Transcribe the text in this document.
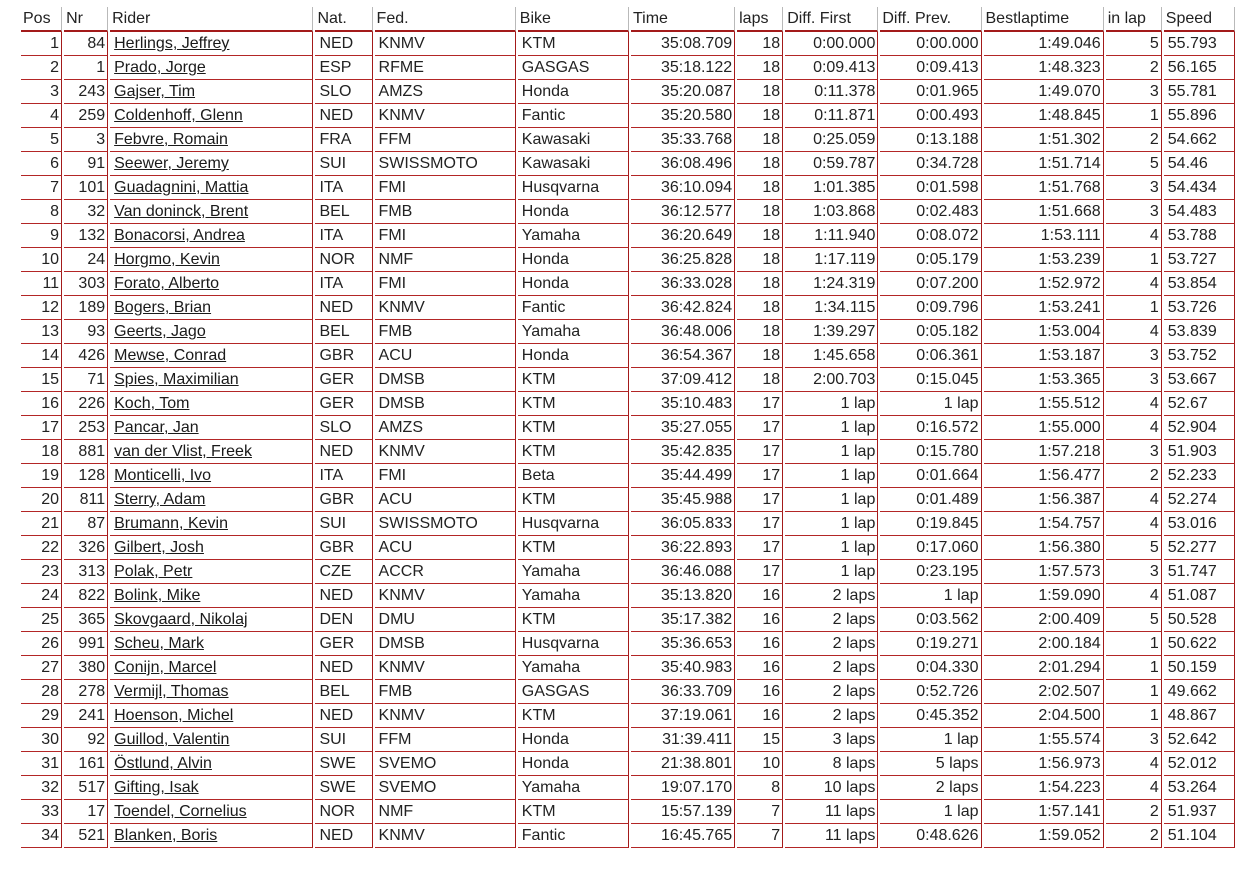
Pos	Nr	Rider	Nat.	Fed.	Bike	Time	laps	Diff. First	Diff. Prev.	Bestlaptime	in lap	Speed
1	84	Herlings, Jeffrey	NED	KNMV	KTM	35:08.709	18	0:00.000	0:00.000	1:49.046	5	55.793
2	1	Prado, Jorge	ESP	RFME	GASGAS	35:18.122	18	0:09.413	0:09.413	1:48.323	2	56.165
3	243	Gajser, Tim	SLO	AMZS	Honda	35:20.087	18	0:11.378	0:01.965	1:49.070	3	55.781
4	259	Coldenhoff, Glenn	NED	KNMV	Fantic	35:20.580	18	0:11.871	0:00.493	1:48.845	1	55.896
5	3	Febvre, Romain	FRA	FFM	Kawasaki	35:33.768	18	0:25.059	0:13.188	1:51.302	2	54.662
6	91	Seewer, Jeremy	SUI	SWISSMOTO	Kawasaki	36:08.496	18	0:59.787	0:34.728	1:51.714	5	54.46
7	101	Guadagnini, Mattia	ITA	FMI	Husqvarna	36:10.094	18	1:01.385	0:01.598	1:51.768	3	54.434
8	32	Van doninck, Brent	BEL	FMB	Honda	36:12.577	18	1:03.868	0:02.483	1:51.668	3	54.483
9	132	Bonacorsi, Andrea	ITA	FMI	Yamaha	36:20.649	18	1:11.940	0:08.072	1:53.111	4	53.788
10	24	Horgmo, Kevin	NOR	NMF	Honda	36:25.828	18	1:17.119	0:05.179	1:53.239	1	53.727
11	303	Forato, Alberto	ITA	FMI	Honda	36:33.028	18	1:24.319	0:07.200	1:52.972	4	53.854
12	189	Bogers, Brian	NED	KNMV	Fantic	36:42.824	18	1:34.115	0:09.796	1:53.241	1	53.726
13	93	Geerts, Jago	BEL	FMB	Yamaha	36:48.006	18	1:39.297	0:05.182	1:53.004	4	53.839
14	426	Mewse, Conrad	GBR	ACU	Honda	36:54.367	18	1:45.658	0:06.361	1:53.187	3	53.752
15	71	Spies, Maximilian	GER	DMSB	KTM	37:09.412	18	2:00.703	0:15.045	1:53.365	3	53.667
16	226	Koch, Tom	GER	DMSB	KTM	35:10.483	17	1 lap	1 lap	1:55.512	4	52.67
17	253	Pancar, Jan	SLO	AMZS	KTM	35:27.055	17	1 lap	0:16.572	1:55.000	4	52.904
18	881	van der Vlist, Freek	NED	KNMV	KTM	35:42.835	17	1 lap	0:15.780	1:57.218	3	51.903
19	128	Monticelli, Ivo	ITA	FMI	Beta	35:44.499	17	1 lap	0:01.664	1:56.477	2	52.233
20	811	Sterry, Adam	GBR	ACU	KTM	35:45.988	17	1 lap	0:01.489	1:56.387	4	52.274
21	87	Brumann, Kevin	SUI	SWISSMOTO	Husqvarna	36:05.833	17	1 lap	0:19.845	1:54.757	4	53.016
22	326	Gilbert, Josh	GBR	ACU	KTM	36:22.893	17	1 lap	0:17.060	1:56.380	5	52.277
23	313	Polak, Petr	CZE	ACCR	Yamaha	36:46.088	17	1 lap	0:23.195	1:57.573	3	51.747
24	822	Bolink, Mike	NED	KNMV	Yamaha	35:13.820	16	2 laps	1 lap	1:59.090	4	51.087
25	365	Skovgaard, Nikolaj	DEN	DMU	KTM	35:17.382	16	2 laps	0:03.562	2:00.409	5	50.528
26	991	Scheu, Mark	GER	DMSB	Husqvarna	35:36.653	16	2 laps	0:19.271	2:00.184	1	50.622
27	380	Conijn, Marcel	NED	KNMV	Yamaha	35:40.983	16	2 laps	0:04.330	2:01.294	1	50.159
28	278	Vermijl, Thomas	BEL	FMB	GASGAS	36:33.709	16	2 laps	0:52.726	2:02.507	1	49.662
29	241	Hoenson, Michel	NED	KNMV	KTM	37:19.061	16	2 laps	0:45.352	2:04.500	1	48.867
30	92	Guillod, Valentin	SUI	FFM	Honda	31:39.411	15	3 laps	1 lap	1:55.574	3	52.642
31	161	Östlund, Alvin	SWE	SVEMO	Honda	21:38.801	10	8 laps	5 laps	1:56.973	4	52.012
32	517	Gifting, Isak	SWE	SVEMO	Yamaha	19:07.170	8	10 laps	2 laps	1:54.223	4	53.264
33	17	Toendel, Cornelius	NOR	NMF	KTM	15:57.139	7	11 laps	1 lap	1:57.141	2	51.937
34	521	Blanken, Boris	NED	KNMV	Fantic	16:45.765	7	11 laps	0:48.626	1:59.052	2	51.104
